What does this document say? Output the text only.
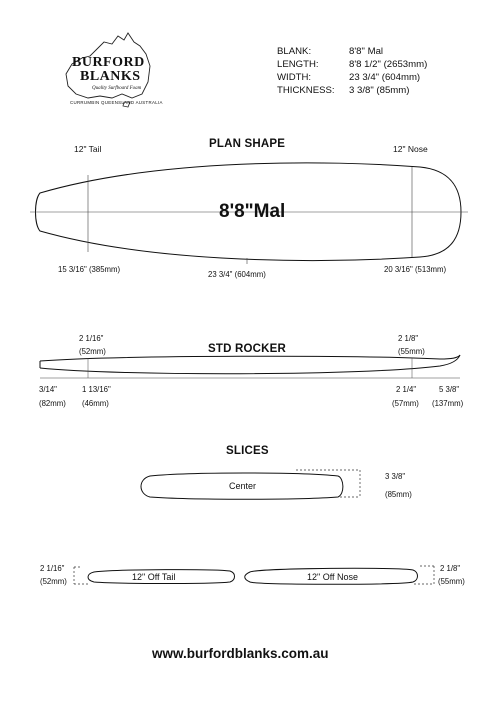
BURFORD
BLANKS
Quality Surfboard Foam
CURRUMBIN QUEENSLAND AUSTRALIA
BLANK:
LENGTH:
WIDTH:
THICKNESS:
8'8" Mal
8'8 1/2" (2653mm)
23 3/4" (604mm)
3 3/8" (85mm)
PLAN SHAPE
12" Tail	12" Nose
8'8"Mal
15 3/16" (385mm)
23 3/4" (604mm)
20 3/16" (513mm)
STD ROCKER
2 1/16"
(52mm)
2 1/8"
(55mm)
3/14"
(82mm)
1 13/16"
(46mm)
2 1/4"
(57mm)
5 3/8"
(137mm)
SLICES
Center
3 3/8"
(85mm)
12" Off Tail
2 1/16"
(52mm)	12" Off Nose
2 1/8"
(55mm)
www.burfordblanks.com.au
